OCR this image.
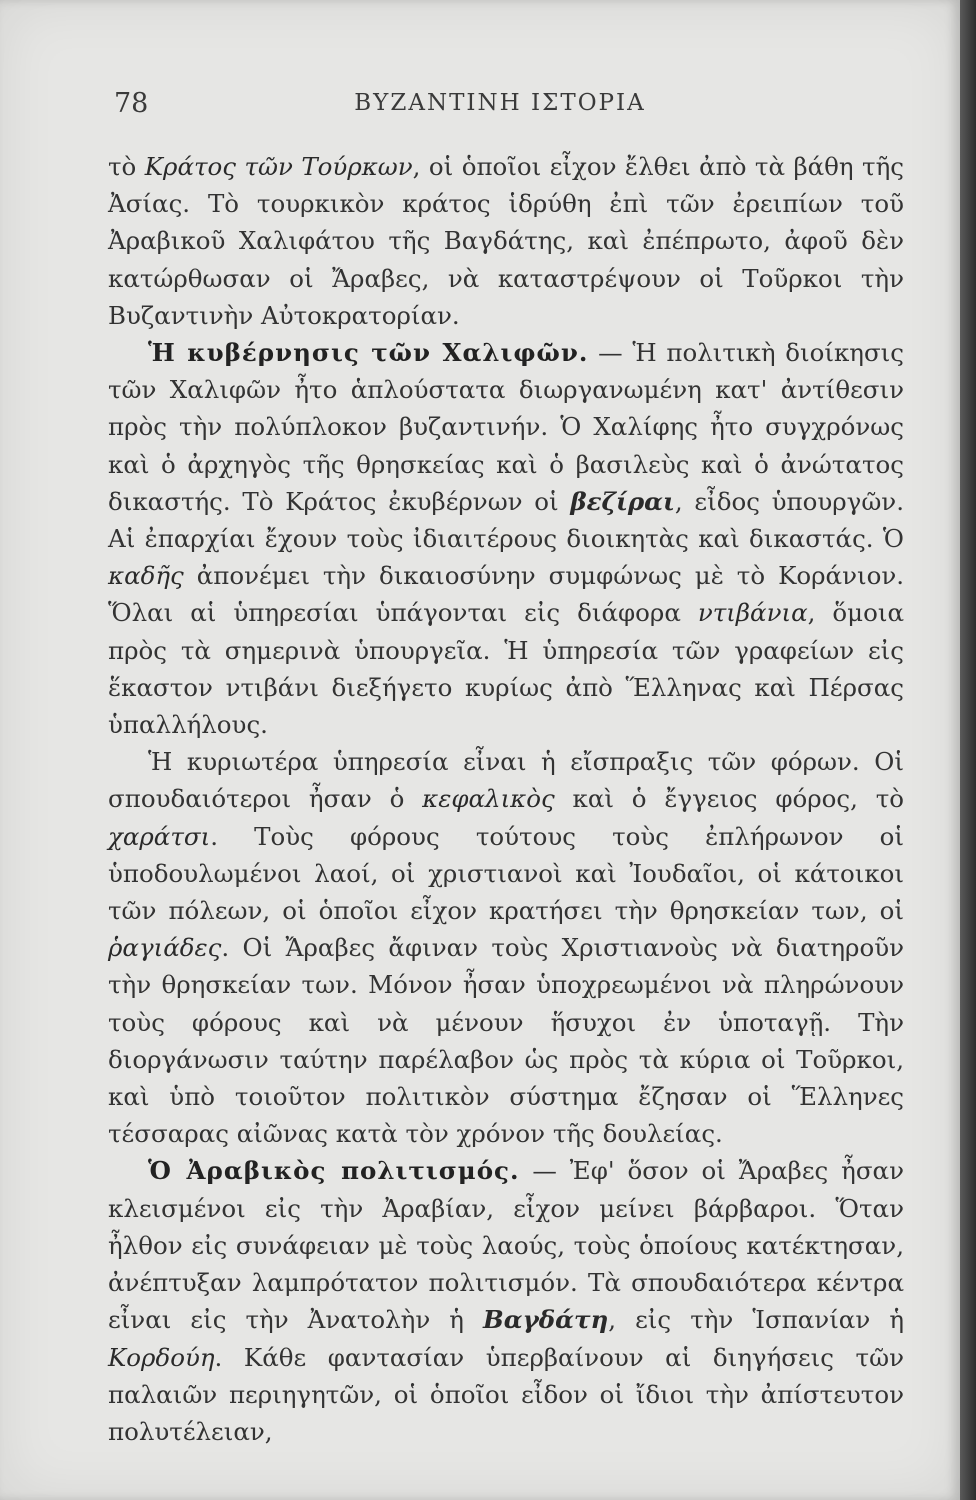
78	ΒΥΖΑΝΤΙΝΗ ΙΣΤΟΡΙΑ

τὸ Κράτος τῶν Τούρκων, οἱ ὁποῖοι εἶχον ἔλθει ἀπὸ τὰ βάθη τῆς Ἀσίας. Τὸ τουρκικὸν κράτος ἱδρύθη ἐπὶ τῶν ἐρειπίων τοῦ Ἀραβικοῦ Χαλιφάτου τῆς Βαγδάτης, καὶ ἐπέπρωτο, ἀφοῦ δὲν κατώρθωσαν οἱ Ἄραβες, νὰ καταστρέψουν οἱ Τοῦρκοι τὴν Βυζαντινὴν Αὐτοκρατορίαν.

Ἡ κυβέρνησις τῶν Χαλιφῶν. — Ἡ πολιτικὴ διοίκησις τῶν Χαλιφῶν ἦτο ἁπλούστατα διωργανωμένη κατ' ἀντίθεσιν πρὸς τὴν πολύπλοκον βυζαντινήν. Ὁ Χαλίφης ἦτο συγχρόνως καὶ ὁ ἀρχηγὸς τῆς θρησκείας καὶ ὁ βασιλεὺς καὶ ὁ ἀνώτατος δικαστής. Τὸ Κράτος ἐκυβέρνων οἱ βεζίραι, εἶδος ὑπουργῶν. Αἱ ἐπαρχίαι ἔχουν τοὺς ἰδιαιτέρους διοικητὰς καὶ δικαστάς. Ὁ καδῆς ἀπονέμει τὴν δικαιοσύνην συμφώνως μὲ τὸ Κοράνιον. Ὅλαι αἱ ὑπηρεσίαι ὑπάγονται εἰς διάφορα ντιβάνια, ὅμοια πρὸς τὰ σημερινὰ ὑπουργεῖα. Ἡ ὑπηρεσία τῶν γραφείων εἰς ἕκαστον ντιβάνι διεξήγετο κυρίως ἀπὸ Ἕλληνας καὶ Πέρσας ὑπαλλήλους.

Ἡ κυριωτέρα ὑπηρεσία εἶναι ἡ εἴσπραξις τῶν φόρων. Οἱ σπουδαιότεροι ἦσαν ὁ κεφαλικὸς καὶ ὁ ἔγγειος φόρος, τὸ χαράτσι. Τοὺς φόρους τούτους τοὺς ἐπλήρωνον οἱ ὑποδουλωμένοι λαοί, οἱ χριστιανοὶ καὶ Ἰουδαῖοι, οἱ κάτοικοι τῶν πόλεων, οἱ ὁποῖοι εἶχον κρατήσει τὴν θρησκείαν των, οἱ ῥαγιάδες. Οἱ Ἄραβες ἄφιναν τοὺς Χριστιανοὺς νὰ διατηροῦν τὴν θρησκείαν των. Μόνον ἦσαν ὑποχρεωμένοι νὰ πληρώνουν τοὺς φόρους καὶ νὰ μένουν ἥσυχοι ἐν ὑποταγῇ. Τὴν διοργάνωσιν ταύτην παρέλαβον ὡς πρὸς τὰ κύρια οἱ Τοῦρκοι, καὶ ὑπὸ τοιοῦτον πολιτικὸν σύστημα ἔζησαν οἱ Ἕλληνες τέσσαρας αἰῶνας κατὰ τὸν χρόνον τῆς δουλείας.

Ὁ Ἀραβικὸς πολιτισμός. — Ἐφ' ὅσον οἱ Ἄραβες ἦσαν κλεισμένοι εἰς τὴν Ἀραβίαν, εἶχον μείνει βάρβαροι. Ὅταν ἦλθον εἰς συνάφειαν μὲ τοὺς λαούς, τοὺς ὁποίους κατέκτησαν, ἀνέπτυξαν λαμπρότατον πολιτισμόν. Τὰ σπουδαιότερα κέντρα εἶναι εἰς τὴν Ἀνατολὴν ἡ Βαγδάτη, εἰς τὴν Ἱσπανίαν ἡ Κορδούη. Κάθε φαντασίαν ὑπερβαίνουν αἱ διηγήσεις τῶν παλαιῶν περιηγητῶν, οἱ ὁποῖοι εἶδον οἱ ἴδιοι τὴν ἀπίστευτον πολυτέλειαν,
